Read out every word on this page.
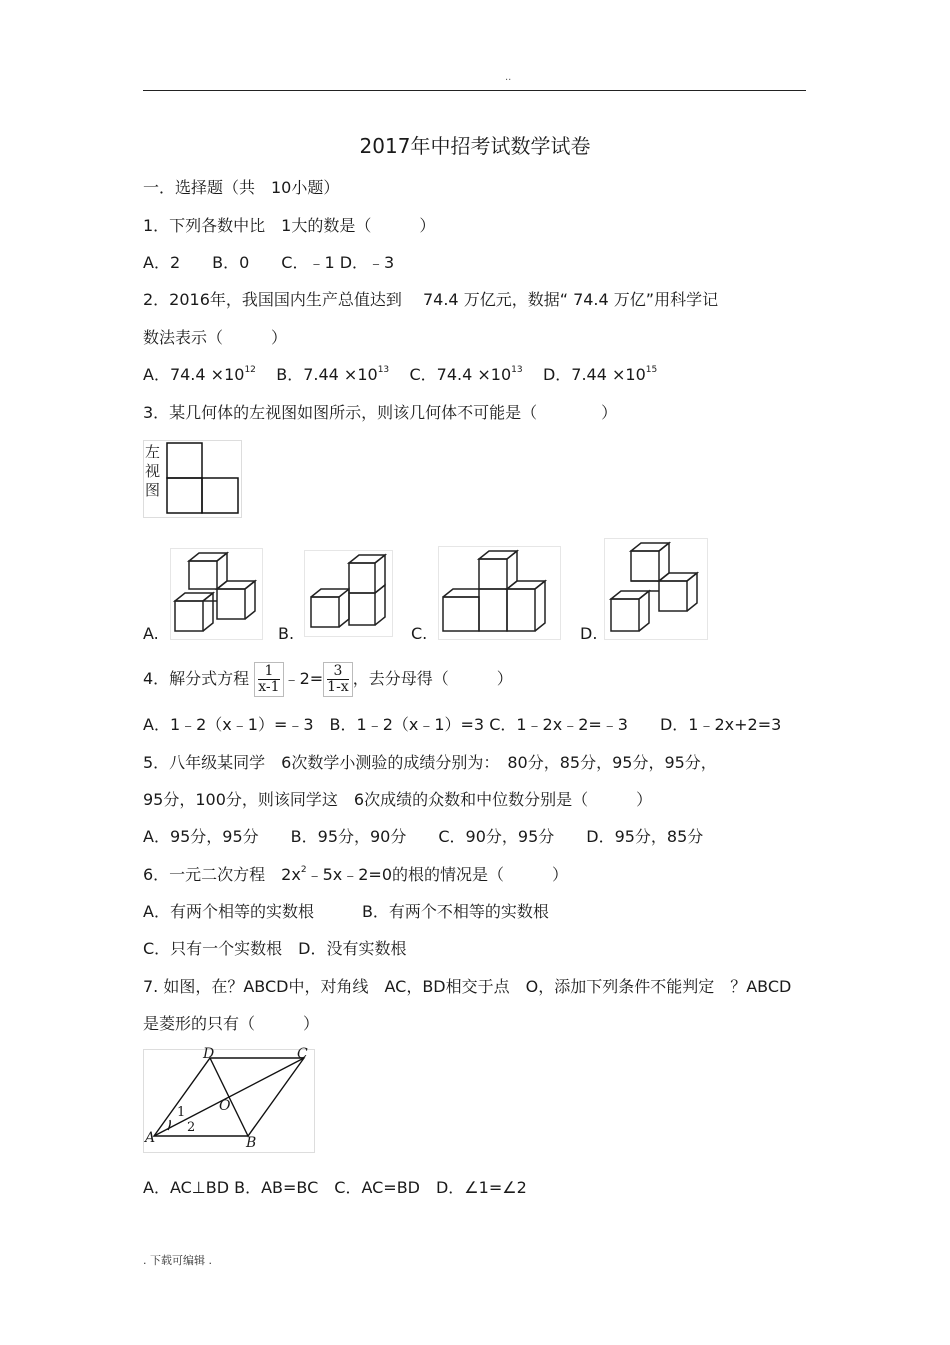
..
2017年中招考试数学试卷
一．选择题（共　10小题）
1．下列各数中比　1大的数是（　　　）
A．2　　B．0　　C．﹣1 D．﹣3
2．2016年，我国国内生产总值达到　 74.4 万亿元，数据“ 74.4 万亿”用科学记
数法表示（　　　）
A．$74.4 \times 10^{12}$ B．$7.44 \times 10^{13}$ C．$74.4 \times 10^{13}$ D．$7.44 \times 10^{15}$
3．某几何体的左视图如图所示，则该几何体不可能是（　　　　）
左视图
A.	B.	C.	D.
4．解分式方程 $\frac{1}{x-1}$ ﹣2= $\frac{3}{1-x}$ ，去分母得（　　　）
A．1﹣2（x﹣1）=﹣3　B．1﹣2（x﹣1）=3 C．1﹣2x﹣2=﹣3　　D．1﹣2x+2=3
5．八年级某同学　6次数学小测验的成绩分别为：　80分，85分，95分，95分，
95分，100分，则该同学这　6次成绩的众数和中位数分别是（　　　）
A．95分，95分　　B．95分，90分　　C．90分，95分　　D．95分，85分
6．一元二次方程　$2x^2﹣5x﹣2=0$的根的情况是（　　　）
A．有两个相等的实数根　　　B．有两个不相等的实数根
C．只有一个实数根　D．没有实数根
7. 如图，在？ABCD中，对角线　AC，BD相交于点　O，添加下列条件不能判定　？ABCD
是菱形的只有（　　　）
A	B
C
D
O
1
2
A．AC⊥BD B．AB=BC　C．AC=BD　D．∠1=∠2
. 下载可编辑 .
